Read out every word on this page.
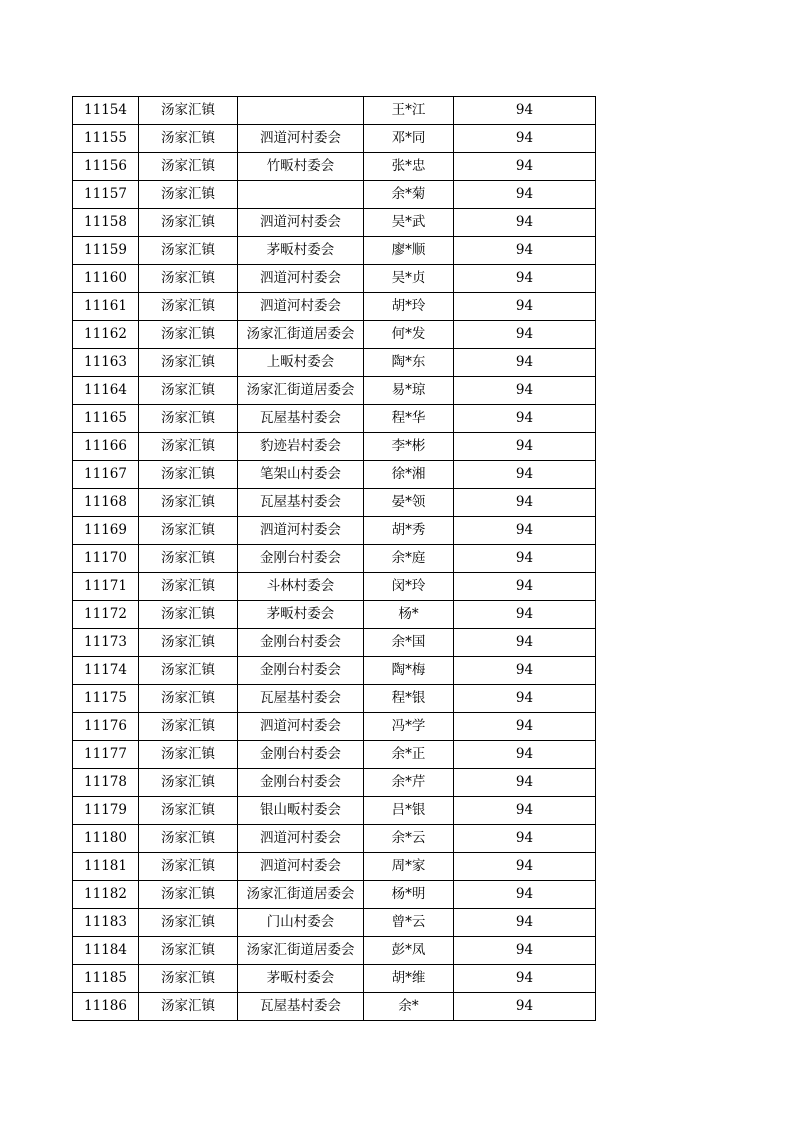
11154	汤家汇镇		王*江	94
11155	汤家汇镇	泗道河村委会	邓*同	94
11156	汤家汇镇	竹畈村委会	张*忠	94
11157	汤家汇镇		余*菊	94
11158	汤家汇镇	泗道河村委会	吴*武	94
11159	汤家汇镇	茅畈村委会	廖*顺	94
11160	汤家汇镇	泗道河村委会	吴*贞	94
11161	汤家汇镇	泗道河村委会	胡*玲	94
11162	汤家汇镇	汤家汇街道居委会	何*发	94
11163	汤家汇镇	上畈村委会	陶*东	94
11164	汤家汇镇	汤家汇街道居委会	易*琼	94
11165	汤家汇镇	瓦屋基村委会	程*华	94
11166	汤家汇镇	豹迹岩村委会	李*彬	94
11167	汤家汇镇	笔架山村委会	徐*湘	94
11168	汤家汇镇	瓦屋基村委会	晏*领	94
11169	汤家汇镇	泗道河村委会	胡*秀	94
11170	汤家汇镇	金刚台村委会	余*庭	94
11171	汤家汇镇	斗林村委会	闵*玲	94
11172	汤家汇镇	茅畈村委会	杨*	94
11173	汤家汇镇	金刚台村委会	余*国	94
11174	汤家汇镇	金刚台村委会	陶*梅	94
11175	汤家汇镇	瓦屋基村委会	程*银	94
11176	汤家汇镇	泗道河村委会	冯*学	94
11177	汤家汇镇	金刚台村委会	余*正	94
11178	汤家汇镇	金刚台村委会	余*芹	94
11179	汤家汇镇	银山畈村委会	吕*银	94
11180	汤家汇镇	泗道河村委会	余*云	94
11181	汤家汇镇	泗道河村委会	周*家	94
11182	汤家汇镇	汤家汇街道居委会	杨*明	94
11183	汤家汇镇	门山村委会	曾*云	94
11184	汤家汇镇	汤家汇街道居委会	彭*凤	94
11185	汤家汇镇	茅畈村委会	胡*维	94
11186	汤家汇镇	瓦屋基村委会	余*	94
